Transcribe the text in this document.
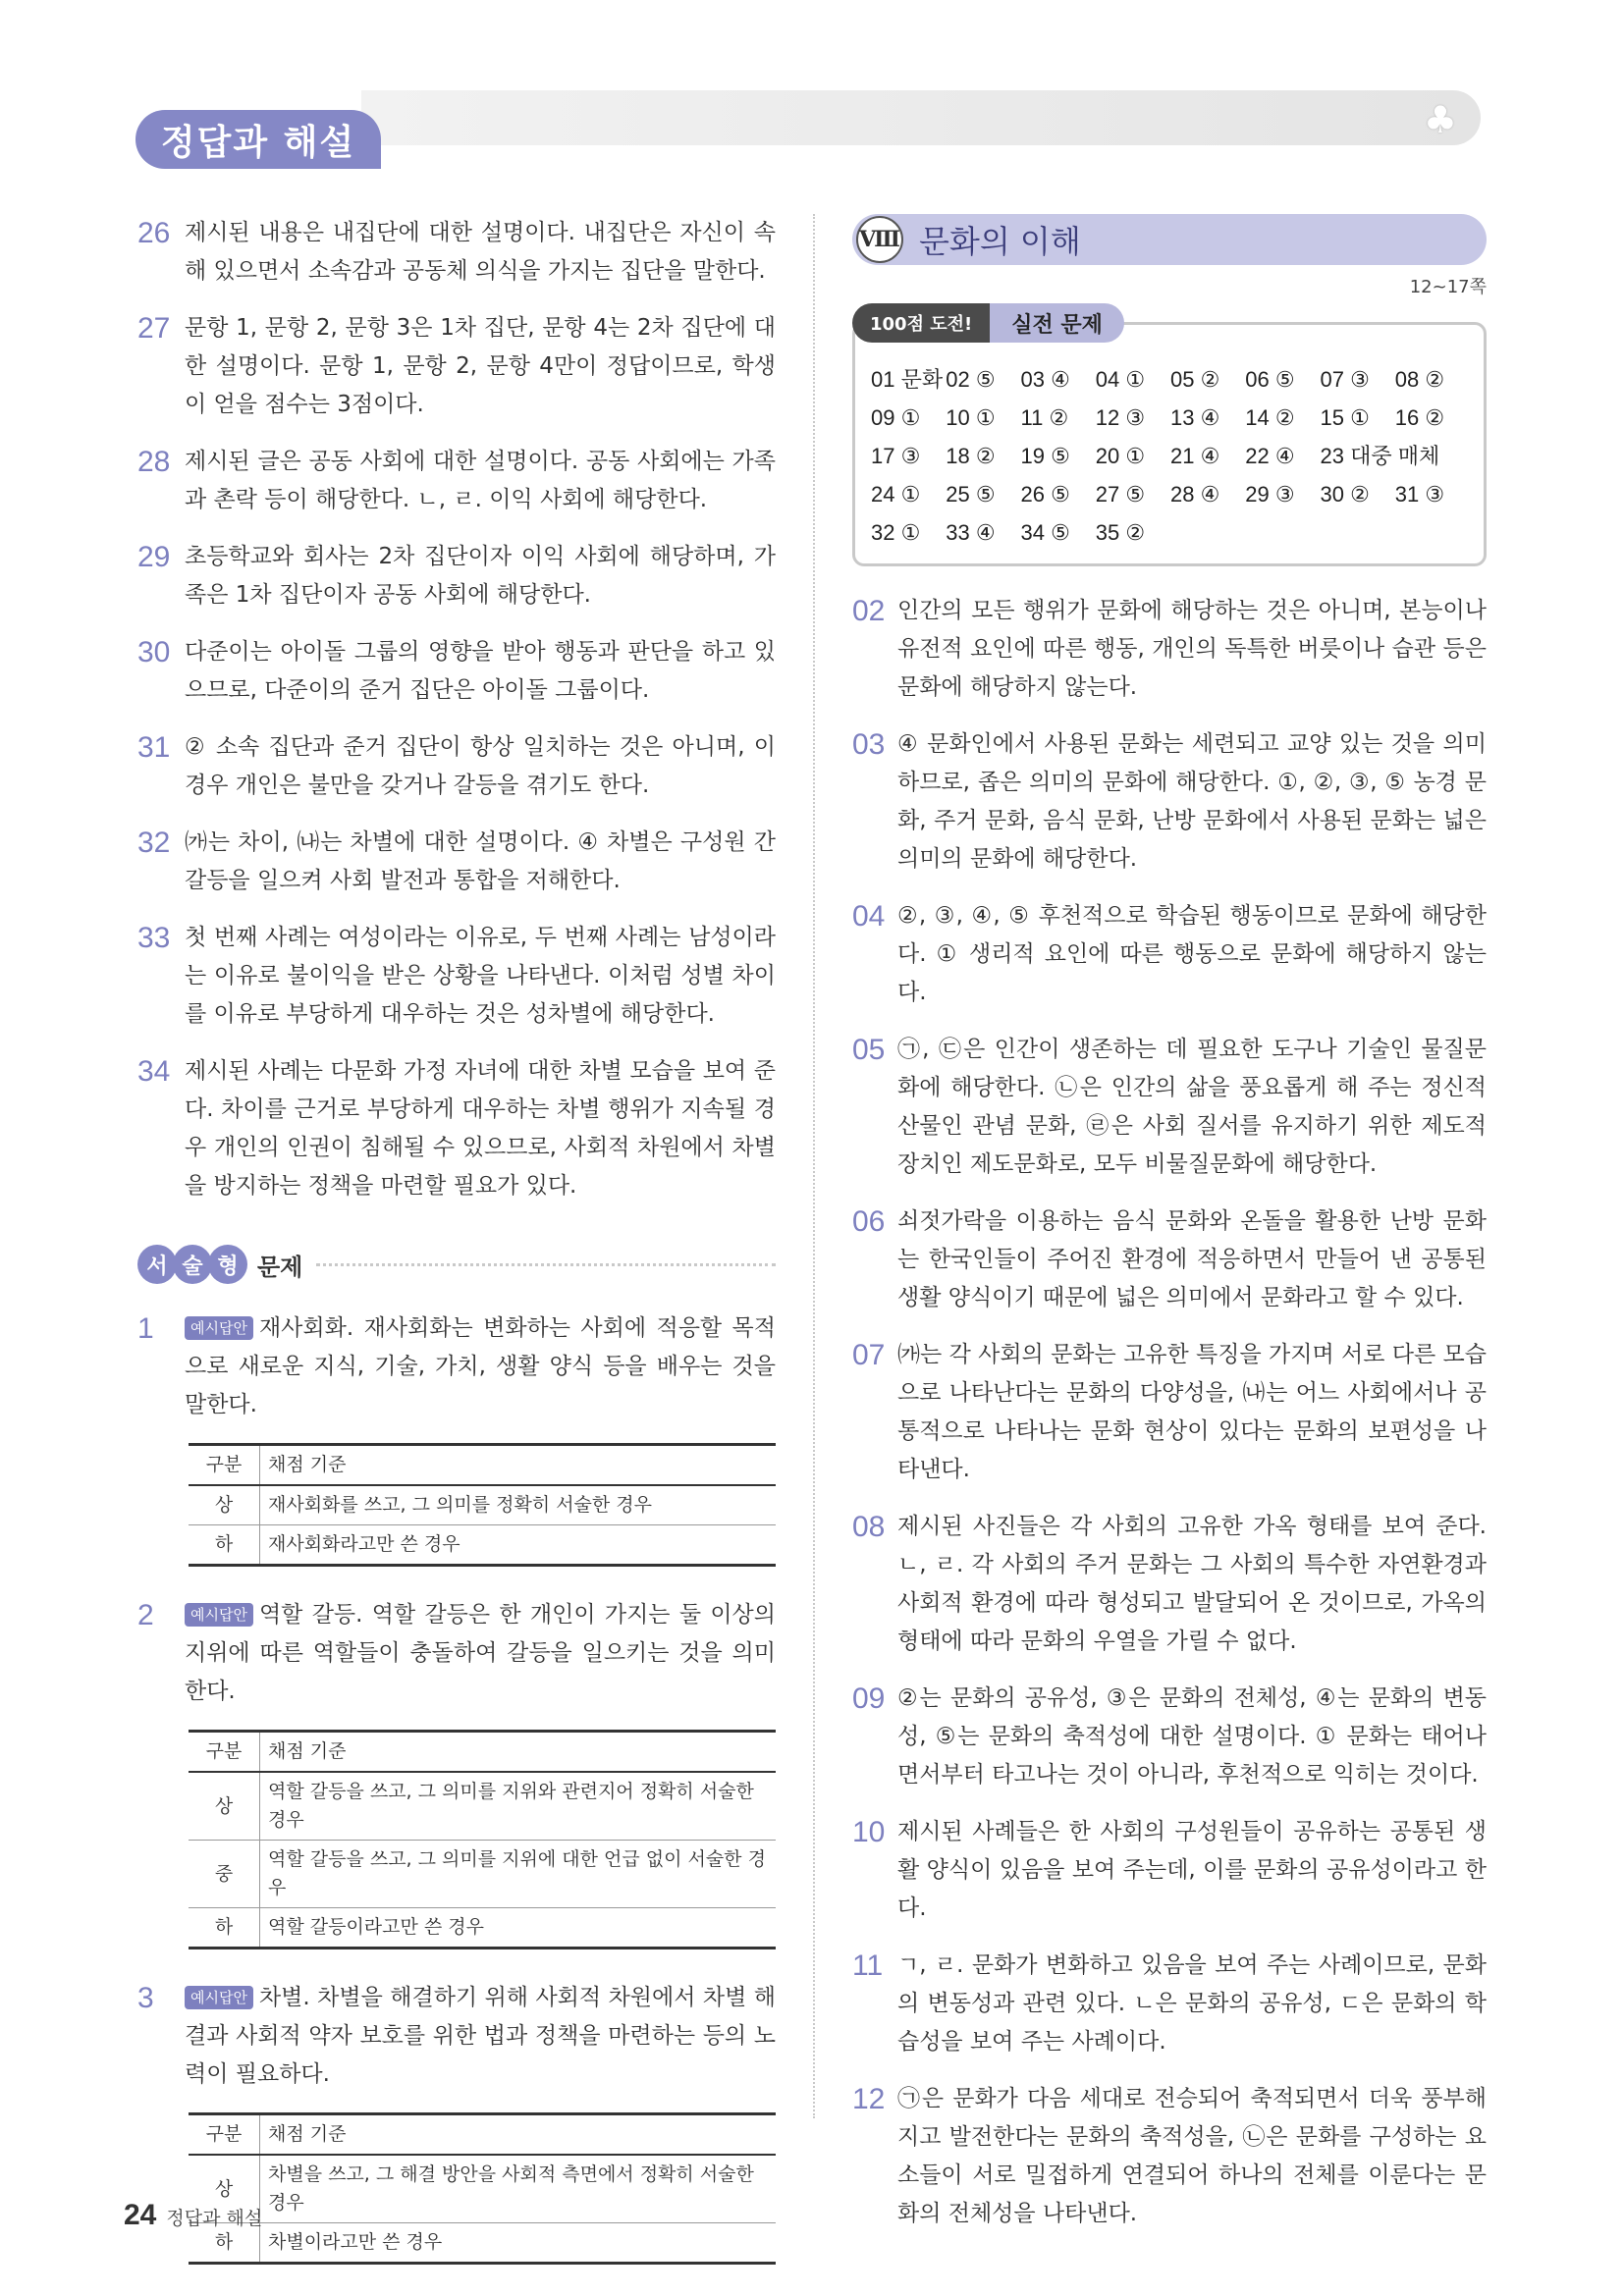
정답과 해설
♣
26 제시된 내용은 내집단에 대한 설명이다. 내집단은 자신이 속해 있으면서 소속감과 공동체 의식을 가지는 집단을 말한다.
27 문항 1, 문항 2, 문항 3은 1차 집단, 문항 4는 2차 집단에 대한 설명이다. 문항 1, 문항 2, 문항 4만이 정답이므로, 학생이 얻을 점수는 3점이다.
28 제시된 글은 공동 사회에 대한 설명이다. 공동 사회에는 가족과 촌락 등이 해당한다. ㄴ, ㄹ. 이익 사회에 해당한다.
29 초등학교와 회사는 2차 집단이자 이익 사회에 해당하며, 가족은 1차 집단이자 공동 사회에 해당한다.
30 다준이는 아이돌 그룹의 영향을 받아 행동과 판단을 하고 있으므로, 다준이의 준거 집단은 아이돌 그룹이다.
31 ② 소속 집단과 준거 집단이 항상 일치하는 것은 아니며, 이 경우 개인은 불만을 갖거나 갈등을 겪기도 한다.
32 ㈎는 차이, ㈏는 차별에 대한 설명이다. ④ 차별은 구성원 간 갈등을 일으켜 사회 발전과 통합을 저해한다.
33 첫 번째 사례는 여성이라는 이유로, 두 번째 사례는 남성이라는 이유로 불이익을 받은 상황을 나타낸다. 이처럼 성별 차이를 이유로 부당하게 대우하는 것은 성차별에 해당한다.
34 제시된 사례는 다문화 가정 자녀에 대한 차별 모습을 보여 준다. 차이를 근거로 부당하게 대우하는 차별 행위가 지속될 경우 개인의 인권이 침해될 수 있으므로, 사회적 차원에서 차별을 방지하는 정책을 마련할 필요가 있다.
서 술 형 문제
1	예시답안 재사회화. 재사회화는 변화하는 사회에 적응할 목적으로 새로운 지식, 기술, 가치, 생활 양식 등을 배우는 것을 말한다.
구분	채점 기준
상	재사회화를 쓰고, 그 의미를 정확히 서술한 경우
하	재사회화라고만 쓴 경우
2	예시답안 역할 갈등. 역할 갈등은 한 개인이 가지는 둘 이상의 지위에 따른 역할들이 충돌하여 갈등을 일으키는 것을 의미한다.
구분	채점 기준
상	역할 갈등을 쓰고, 그 의미를 지위와 관련지어 정확히 서술한 경우
중	역할 갈등을 쓰고, 그 의미를 지위에 대한 언급 없이 서술한 경우
하	역할 갈등이라고만 쓴 경우
3	예시답안 차별. 차별을 해결하기 위해 사회적 차원에서 차별 해결과 사회적 약자 보호를 위한 법과 정책을 마련하는 등의 노력이 필요하다.
구분	채점 기준
상	차별을 쓰고, 그 해결 방안을 사회적 측면에서 정확히 서술한 경우
하	차별이라고만 쓴 경우
Ⅷ 문화의 이해
12~17쪽
100점 도전!	실전 문제
01 문화 02 ⑤	03 ④	04 ①	05 ②	06 ⑤	07 ③	08 ②
09 ①	10 ①	11 ②	12 ③	13 ④	14 ②	15 ①	16 ②
17 ③	18 ②	19 ⑤	20 ①	21 ④	22 ④	23 대중 매체
24 ①	25 ⑤	26 ⑤	27 ⑤	28 ④	29 ③	30 ②	31 ③
32 ①	33 ④	34 ⑤	35 ②
02 인간의 모든 행위가 문화에 해당하는 것은 아니며, 본능이나 유전적 요인에 따른 행동, 개인의 독특한 버릇이나 습관 등은 문화에 해당하지 않는다.
03 ④ 문화인에서 사용된 문화는 세련되고 교양 있는 것을 의미하므로, 좁은 의미의 문화에 해당한다. ①, ②, ③, ⑤ 농경 문화, 주거 문화, 음식 문화, 난방 문화에서 사용된 문화는 넓은 의미의 문화에 해당한다.
04 ②, ③, ④, ⑤ 후천적으로 학습된 행동이므로 문화에 해당한다. ① 생리적 요인에 따른 행동으로 문화에 해당하지 않는다.
05 ㉠, ㉢은 인간이 생존하는 데 필요한 도구나 기술인 물질문화에 해당한다. ㉡은 인간의 삶을 풍요롭게 해 주는 정신적 산물인 관념 문화, ㉣은 사회 질서를 유지하기 위한 제도적 장치인 제도문화로, 모두 비물질문화에 해당한다.
06 쇠젓가락을 이용하는 음식 문화와 온돌을 활용한 난방 문화는 한국인들이 주어진 환경에 적응하면서 만들어 낸 공통된 생활 양식이기 때문에 넓은 의미에서 문화라고 할 수 있다.
07 ㈎는 각 사회의 문화는 고유한 특징을 가지며 서로 다른 모습으로 나타난다는 문화의 다양성을, ㈏는 어느 사회에서나 공통적으로 나타나는 문화 현상이 있다는 문화의 보편성을 나타낸다.
08 제시된 사진들은 각 사회의 고유한 가옥 형태를 보여 준다. ㄴ, ㄹ. 각 사회의 주거 문화는 그 사회의 특수한 자연환경과 사회적 환경에 따라 형성되고 발달되어 온 것이므로, 가옥의 형태에 따라 문화의 우열을 가릴 수 없다.
09 ②는 문화의 공유성, ③은 문화의 전체성, ④는 문화의 변동성, ⑤는 문화의 축적성에 대한 설명이다. ① 문화는 태어나면서부터 타고나는 것이 아니라, 후천적으로 익히는 것이다.
10 제시된 사례들은 한 사회의 구성원들이 공유하는 공통된 생활 양식이 있음을 보여 주는데, 이를 문화의 공유성이라고 한다.
11 ㄱ, ㄹ. 문화가 변화하고 있음을 보여 주는 사례이므로, 문화의 변동성과 관련 있다. ㄴ은 문화의 공유성, ㄷ은 문화의 학습성을 보여 주는 사례이다.
12 ㉠은 문화가 다음 세대로 전승되어 축적되면서 더욱 풍부해지고 발전한다는 문화의 축적성을, ㉡은 문화를 구성하는 요소들이 서로 밀접하게 연결되어 하나의 전체를 이룬다는 문화의 전체성을 나타낸다.
24 정답과 해설
